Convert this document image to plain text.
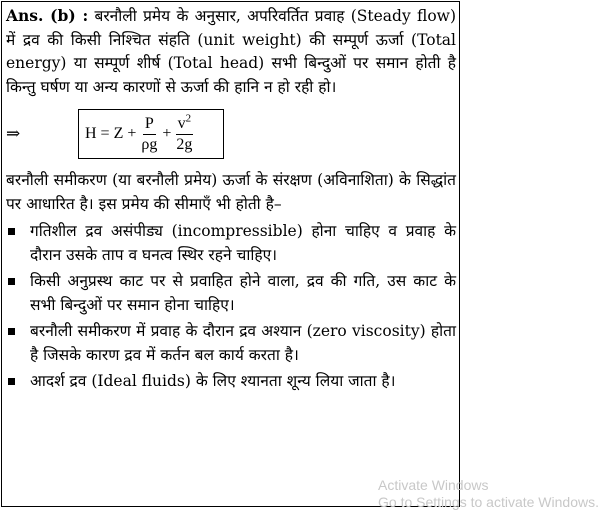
Ans. (b) : बरनौली प्रमेय के अनुसार, अपरिवर्तित प्रवाह (Steady flow) में द्रव की किसी निश्चित संहति (unit weight) की सम्पूर्ण ऊर्जा (Total energy) या सम्पूर्ण शीर्ष (Total head) सभी बिन्दुओं पर समान होती है किन्तु घर्षण या अन्य कारणों से ऊर्जा की हानि न हो रही हो।

⇒	$H = Z + \frac{P}{\rho g} + \frac{v^2}{2g}$

बरनौली समीकरण (या बरनौली प्रमेय) ऊर्जा के संरक्षण (अविनाशिता) के सिद्धांत पर आधारित है। इस प्रमेय की सीमाएँ भी होती है–

गतिशील द्रव असंपीड्य (incompressible) होना चाहिए व प्रवाह के दौरान उसके ताप व घनत्व स्थिर रहने चाहिए।
किसी अनुप्रस्थ काट पर से प्रवाहित होने वाला, द्रव की गति, उस काट के सभी बिन्दुओं पर समान होना चाहिए।
बरनौली समीकरण में प्रवाह के दौरान द्रव अश्यान (zero viscosity) होता है जिसके कारण द्रव में कर्तन बल कार्य करता है।
आदर्श द्रव (Ideal fluids) के लिए श्यानता शून्य लिया जाता है।
Activate Windows
Go to Settings to activate Windows.
